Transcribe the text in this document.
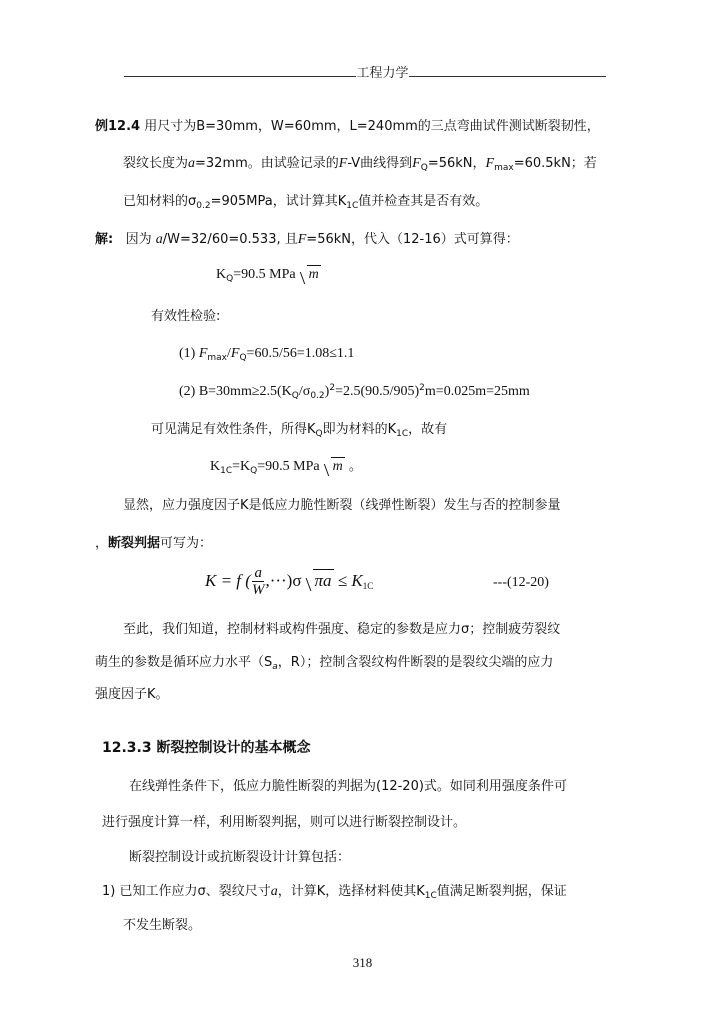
工程力学
例12.4 用尺寸为B=30mm，W=60mm，L=240mm的三点弯曲试件测试断裂韧性，
裂纹长度为a=32mm。由试验记录的F-V曲线得到$F_Q=56kN$，$F_{max}=60.5kN$；若
已知材料的$\sigma_{0.2}=905MPa$，试计算其$K_{1C}$值并检查其是否有效。
解: 因为 a/W=32/60=0.533, 且F=56kN，代入（12-16）式可算得：
$K_Q=90.5$ MPa m
有效性检验:
(1) $F_{max}/F_Q=60.5/56=1.08\le 1.1$
(2) $B=30mm\ge 2.5(K_Q/\sigma_{0.2})^2=2.5(90.5/905)^2m=0.025m=25mm$
可见满足有效性条件，所得$K_Q$即为材料的$K_{1C}$，故有
$K_{1C}=K_Q=90.5$ MPa m 。
显然，应力强度因子K是低应力脆性断裂（线弹性断裂）发生与否的控制参量
，断裂判据可写为：
K = f ( $\frac{a}{W} ,\cdot\cdot\cdot)\sigma$ $\pi a \le K_{1C}$	---(12-20)
至此，我们知道，控制材料或构件强度、稳定的参数是应力σ；控制疲劳裂纹
萌生的参数是循环应力水平（$S_a$，R）；控制含裂纹构件断裂的是裂纹尖端的应力
强度因子K。
12.3.3 断裂控制设计的基本概念
在线弹性条件下，低应力脆性断裂的判据为(12-20)式。如同利用强度条件可
进行强度计算一样，利用断裂判据，则可以进行断裂控制设计。
断裂控制设计或抗断裂设计计算包括：
1) 已知工作应力σ、裂纹尺寸a，计算K，选择材料使其$K_{1C}$值满足断裂判据，保证
不发生断裂。
318
